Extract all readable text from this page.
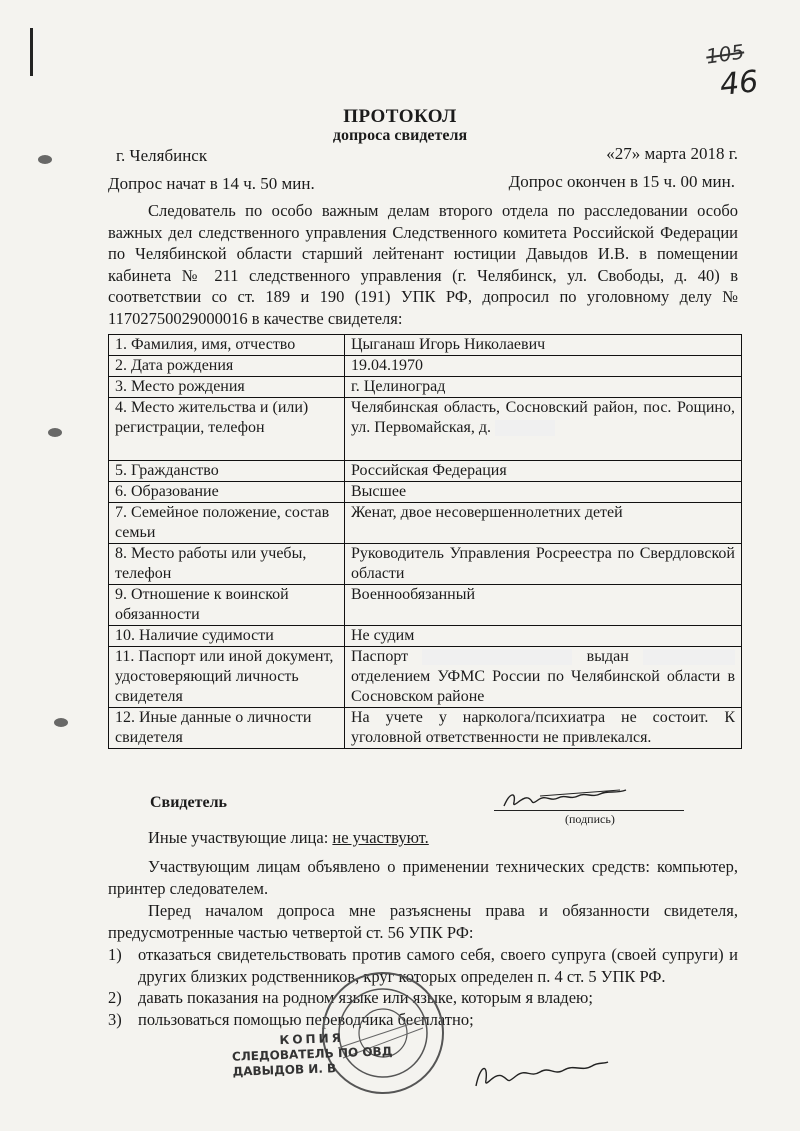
105
46
ПРОТОКОЛ
допроса свидетеля
г. Челябинск	«27» марта 2018 г.
Допрос начат в 14 ч. 50 мин.	Допрос окончен в 15 ч. 00 мин.
Следователь по особо важным делам второго отдела по расследовании особо важных дел следственного управления Следственного комитета Российской Федерации по Челябинской области старший лейтенант юстиции Давыдов И.В. в помещении кабинета № 211 следственного управления (г. Челябинск, ул. Свободы, д. 40) в соответствии со ст. 189 и 190 (191) УПК РФ, допросил по уголовному делу № 11702750029000016 в качестве свидетеля:
1. Фамилия, имя, отчество	Цыганаш Игорь Николаевич
2. Дата рождения	19.04.1970
3. Место рождения	г. Целиноград
4. Место жительства и (или) регистрации, телефон	Челябинская область, Сосновский район, пос. Рощино, ул. Первомайская, д.
5. Гражданство	Российская Федерация
6. Образование	Высшее
7. Семейное положение, состав семьи	Женат, двое несовершеннолетних детей
8. Место работы или учебы, телефон	Руководитель Управления Росреестра по Свердловской области
9. Отношение к воинской обязанности	Военнообязанный
10. Наличие судимости	Не судим
11. Паспорт или иной документ, удостоверяющий личность свидетеля	Паспорт выдан  отделением УФМС России по Челябинской области в Сосновском районе
12. Иные данные о личности свидетеля	На учете у нарколога/психиатра не состоит. К уголовной ответственности не привлекался.
Свидетель
(подпись)
Иные участвующие лица: не участвуют.
Участвующим лицам объявлено о применении технических средств: компьютер, принтер следователем.
Перед началом допроса мне разъяснены права и обязанности свидетеля, предусмотренные частью четвертой ст. 56 УПК РФ:
1) отказаться свидетельствовать против самого себя, своего супруга (своей супруги) и других близких родственников, круг которых определен п. 4 ст. 5 УПК РФ.
2) давать показания на родном языке или языке, которым я владею;
3) пользоваться помощью переводчика бесплатно;
КОПИЯ
СЛЕДОВАТЕЛЬ ПО ОВД
ДАВЫДОВ И. В
